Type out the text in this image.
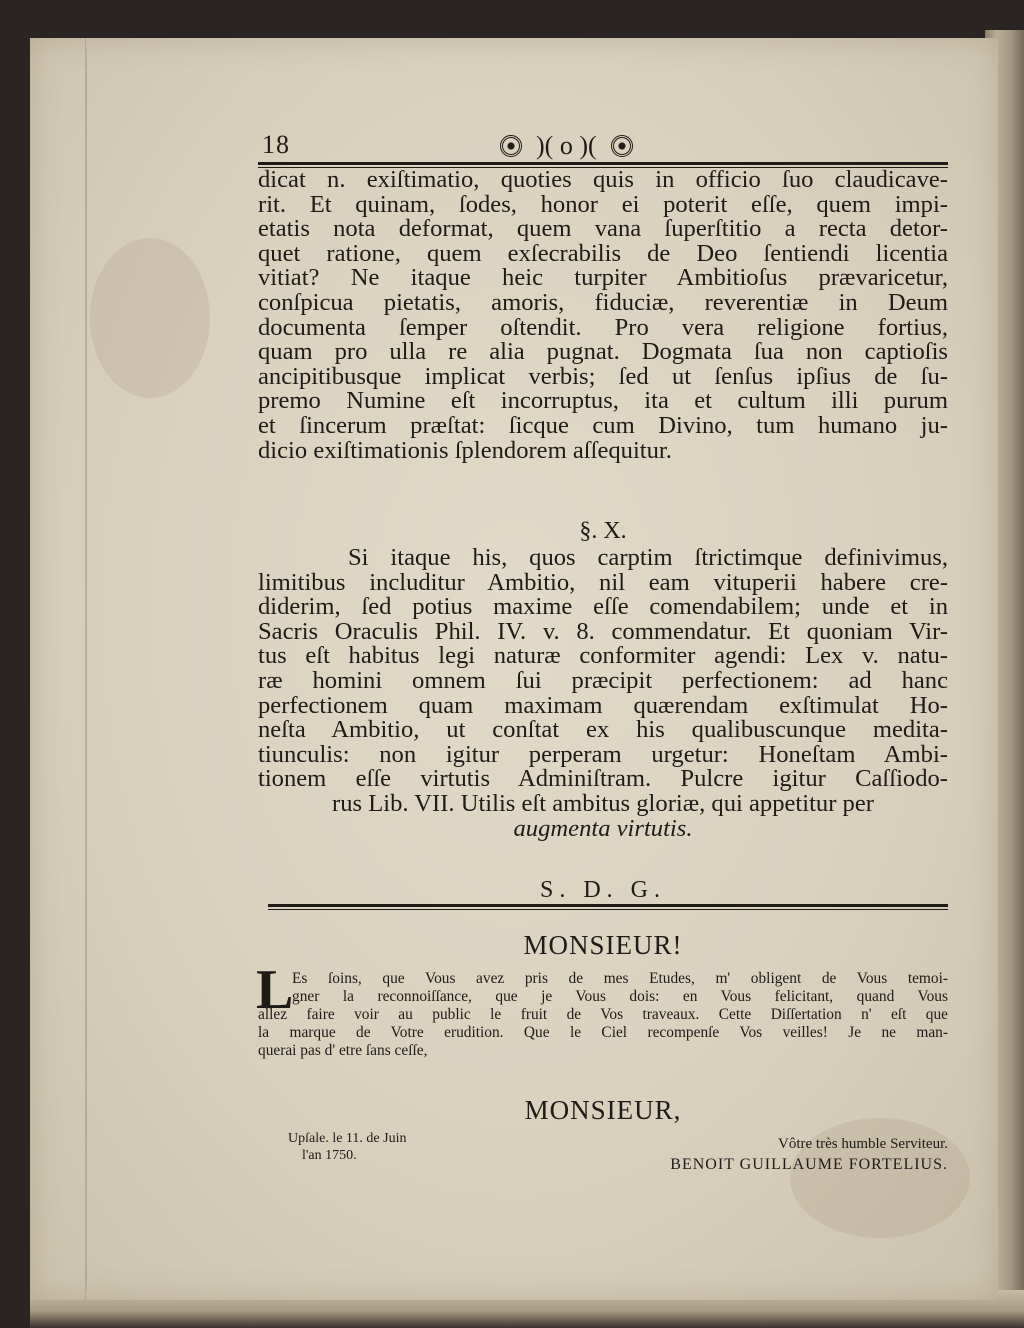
18	)( o )(
dicat n. exiſtimatio, quoties quis in officio ſuo claudicave-
rit. Et quinam, ſodes, honor ei poterit eſſe, quem impi-
etatis nota deformat, quem vana ſuperſtitio a recta detor-
quet ratione, quem exſecrabilis de Deo ſentiendi licentia
vitiat? Ne itaque heic turpiter Ambitioſus prævaricetur,
conſpicua pietatis, amoris, fiduciæ, reverentiæ in Deum
documenta ſemper oſtendit. Pro vera religione fortius,
quam pro ulla re alia pugnat. Dogmata ſua non captioſis
ancipitibusque implicat verbis; ſed ut ſenſus ipſius de ſu-
premo Numine eſt incorruptus, ita et cultum illi purum
et ſincerum præſtat: ſicque cum Divino, tum humano ju-
dicio exiſtimationis ſplendorem aſſequitur.
§. X.
Si itaque his, quos carptim ſtrictimque definivimus,
limitibus includitur Ambitio, nil eam vituperii habere cre-
diderim, ſed potius maxime eſſe comendabilem; unde et in
Sacris Oraculis Phil. IV. v. 8. commendatur. Et quoniam Vir-
tus eſt habitus legi naturæ conformiter agendi: Lex v. natu-
ræ homini omnem ſui præcipit perfectionem: ad hanc
perfectionem quam maximam quærendam exſtimulat Ho-
neſta Ambitio, ut conſtat ex his qualibuscunque medita-
tiunculis: non igitur perperam urgetur: Honeſtam Ambi-
tionem eſſe virtutis Adminiſtram. Pulcre igitur Caſſiodo-
rus Lib. VII. Utilis eſt ambitus gloriæ, qui appetitur per
augmenta virtutis.
S. D. G.
MONSIEUR!
L
Es ſoins, que Vous avez pris de mes Etudes, m' obligent de Vous temoi-
gner la reconnoiſſance, que je Vous dois: en Vous felicitant, quand Vous
allez faire voir au public le fruit de Vos traveaux. Cette Diſſertation n' eſt que
la marque de Votre erudition. Que le Ciel recompenſe Vos veilles! Je ne man-
querai pas d' etre ſans ceſſe,
MONSIEUR,
Upſale. le 11. de Juin
l'an 1750.
Vôtre très humble Serviteur.
BENOIT GUILLAUME FORTELIUS.
